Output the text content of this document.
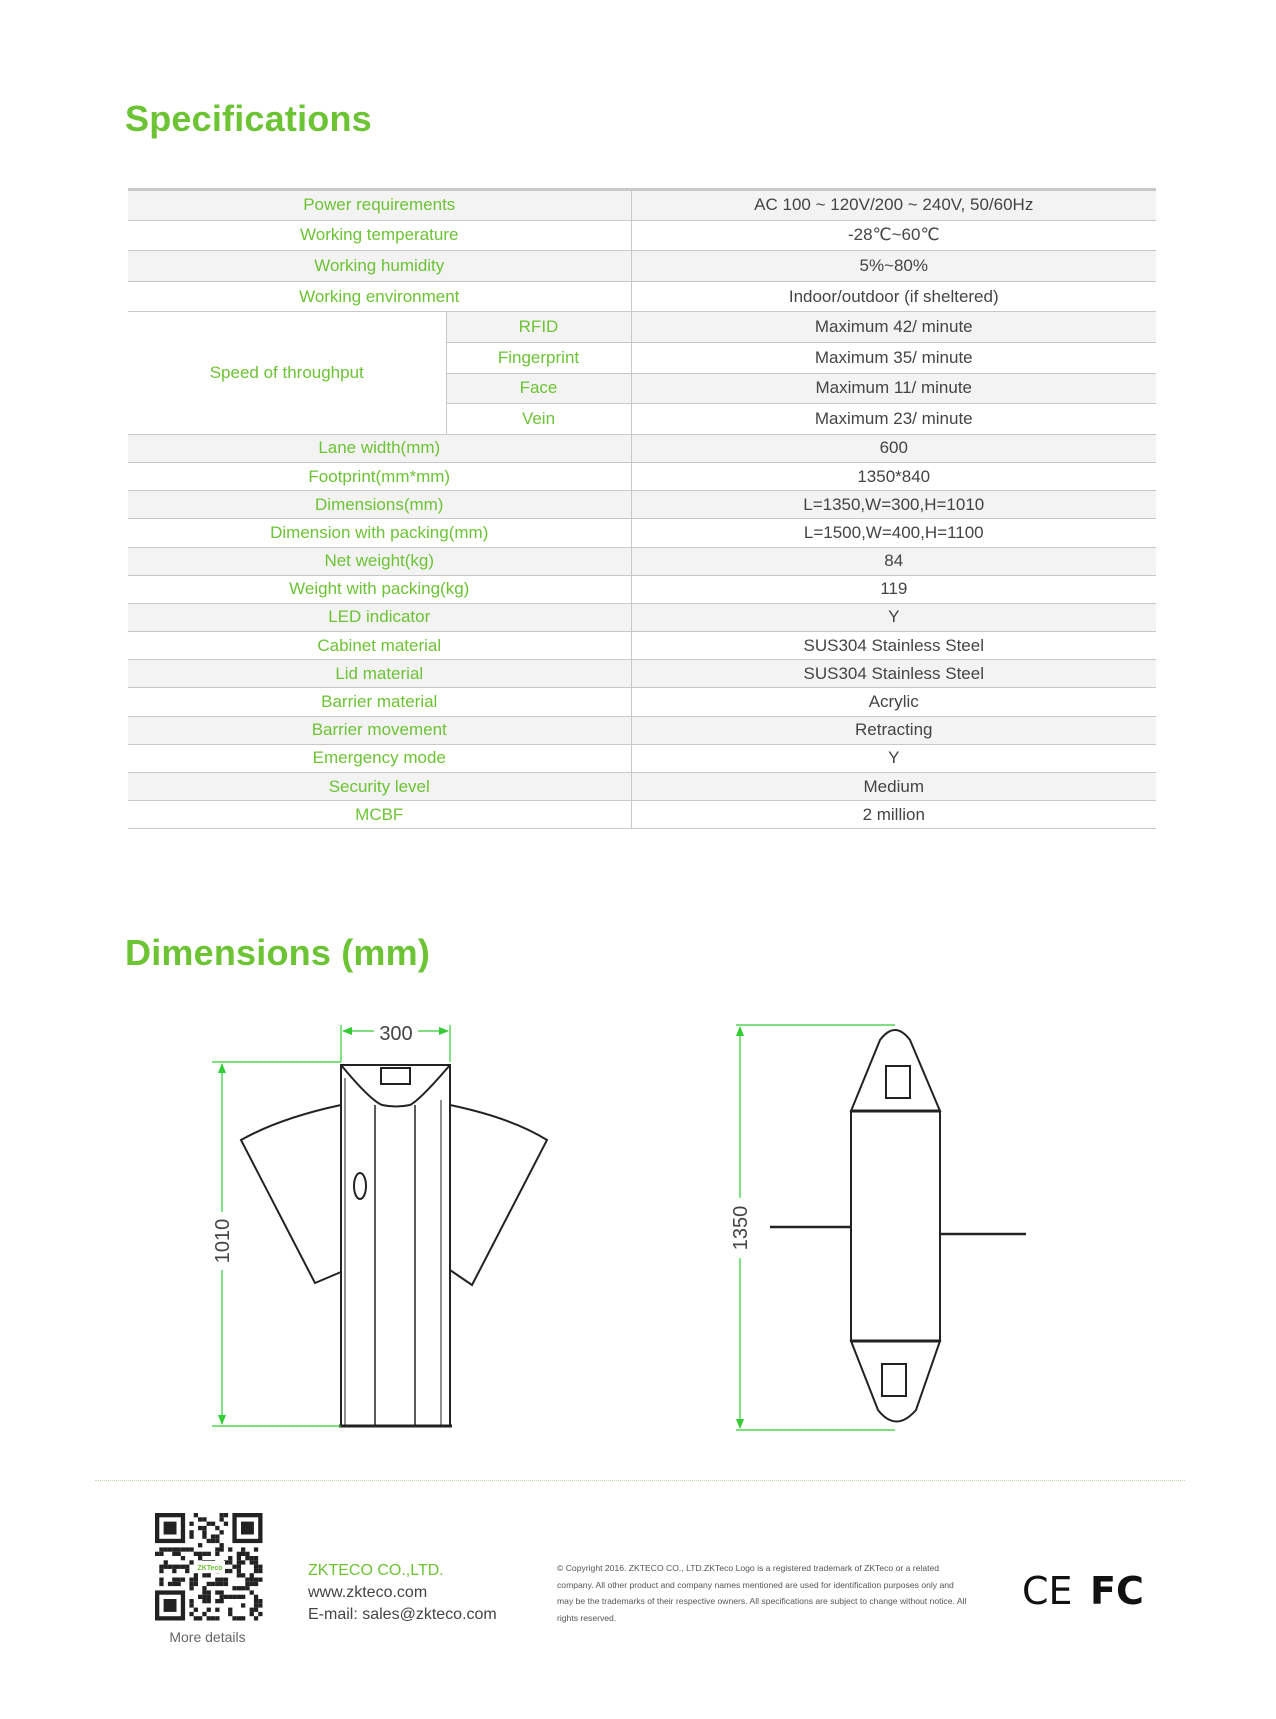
Specifications
Power requirements		AC 100 ~ 120V/200 ~ 240V, 50/60Hz
Working temperature		-28℃~60℃
Working humidity		5%~80%
Working environment		Indoor/outdoor (if sheltered)
Speed of throughput	RFID	Maximum 42/ minute
	Fingerprint	Maximum 35/ minute
	Face	Maximum 11/ minute
	Vein	Maximum 23/ minute
Lane width(mm)		600
Footprint(mm*mm)		1350*840
Dimensions(mm)		L=1350,W=300,H=1010
Dimension with packing(mm)		L=1500,W=400,H=1100
Net weight(kg)		84
Weight with packing(kg)		119
LED indicator		Y
Cabinet material		SUS304 Stainless Steel
Lid material		SUS304 Stainless Steel
Barrier material		Acrylic
Barrier movement		Retracting
Emergency mode		Y
Security level		Medium
MCBF		2 million
Dimensions (mm)
300
1010	1350
ZKTeco
More details
ZKTECO CO.,LTD.
www.zkteco.com
E-mail: sales@zkteco.com
© Copyright 2016. ZKTECO CO., LTD.ZKTeco Logo is a registered trademark of ZKTeco or a related company. All other product and company names mentioned are used for identification purposes only and may be the trademarks of their respective owners. All specifications are subject to change without notice. All rights reserved.
CE FC
